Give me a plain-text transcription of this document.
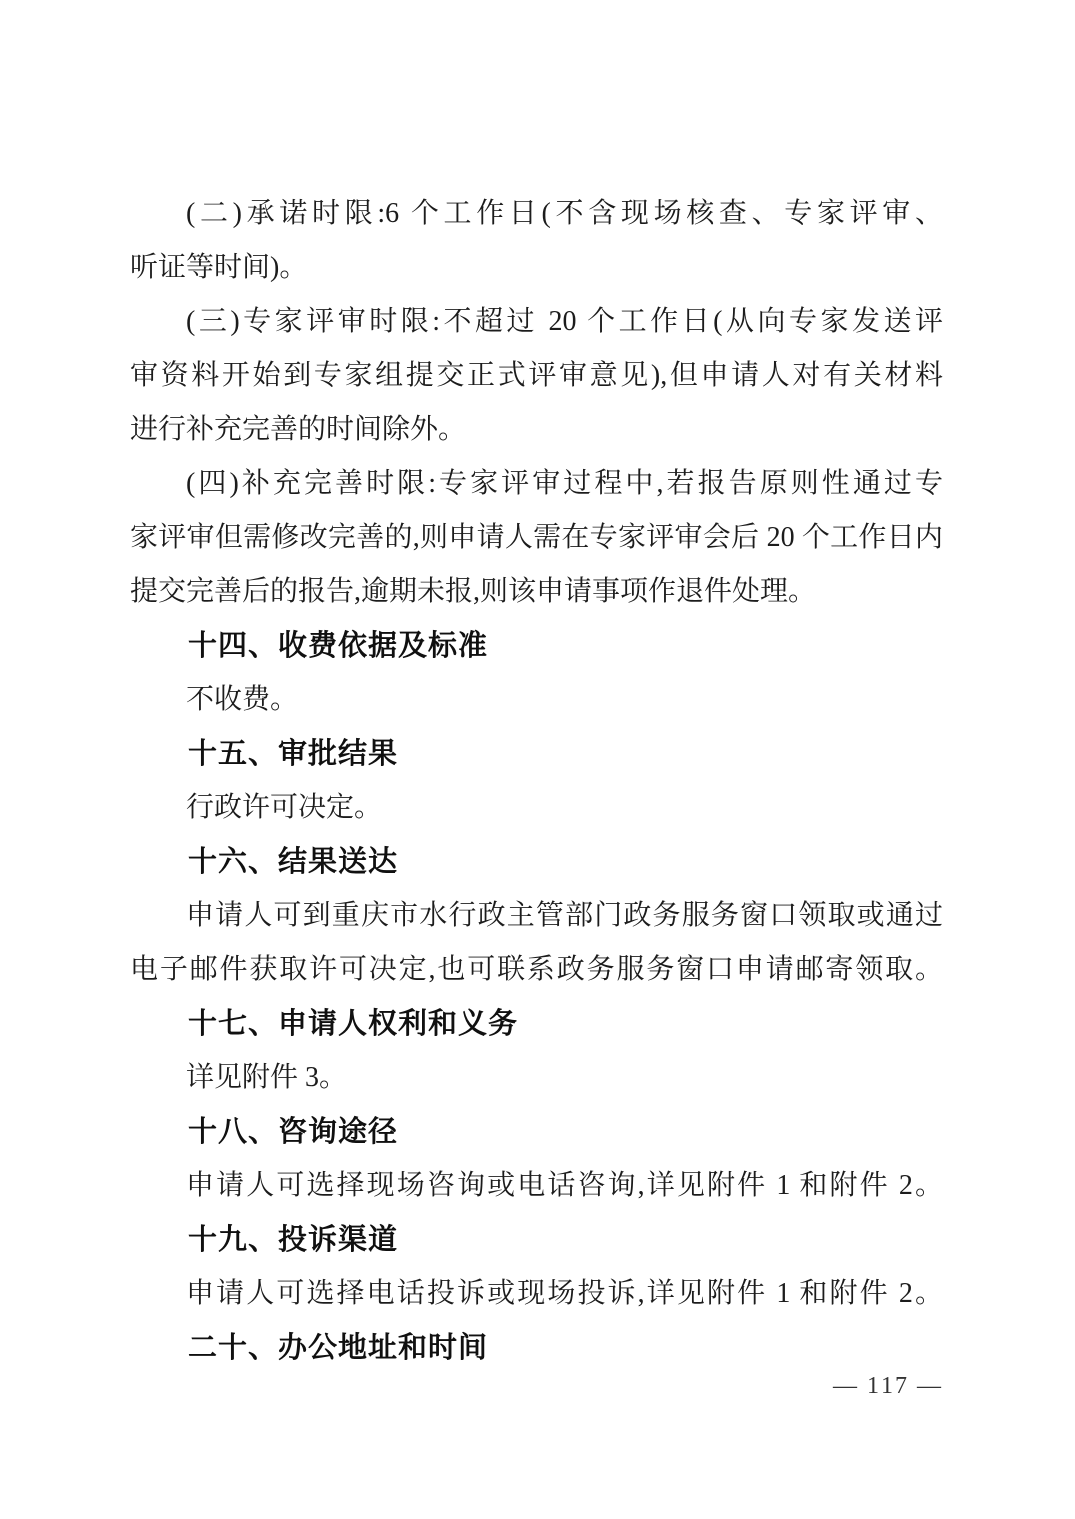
(二)承诺时限:6 个工作日(不含现场核查、专家评审、
听证等时间)。
(三)专家评审时限:不超过 20 个工作日(从向专家发送评
审资料开始到专家组提交正式评审意见),但申请人对有关材料
进行补充完善的时间除外。
(四)补充完善时限:专家评审过程中,若报告原则性通过专
家评审但需修改完善的,则申请人需在专家评审会后 20 个工作日内
提交完善后的报告,逾期未报,则该申请事项作退件处理。
十四、收费依据及标准
不收费。
十五、审批结果
行政许可决定。
十六、结果送达
申请人可到重庆市水行政主管部门政务服务窗口领取或通过
电子邮件获取许可决定,也可联系政务服务窗口申请邮寄领取。
十七、申请人权利和义务
详见附件 3。
十八、咨询途径
申请人可选择现场咨询或电话咨询,详见附件 1 和附件 2。
十九、投诉渠道
申请人可选择电话投诉或现场投诉,详见附件 1 和附件 2。
二十、办公地址和时间
— 117 —
